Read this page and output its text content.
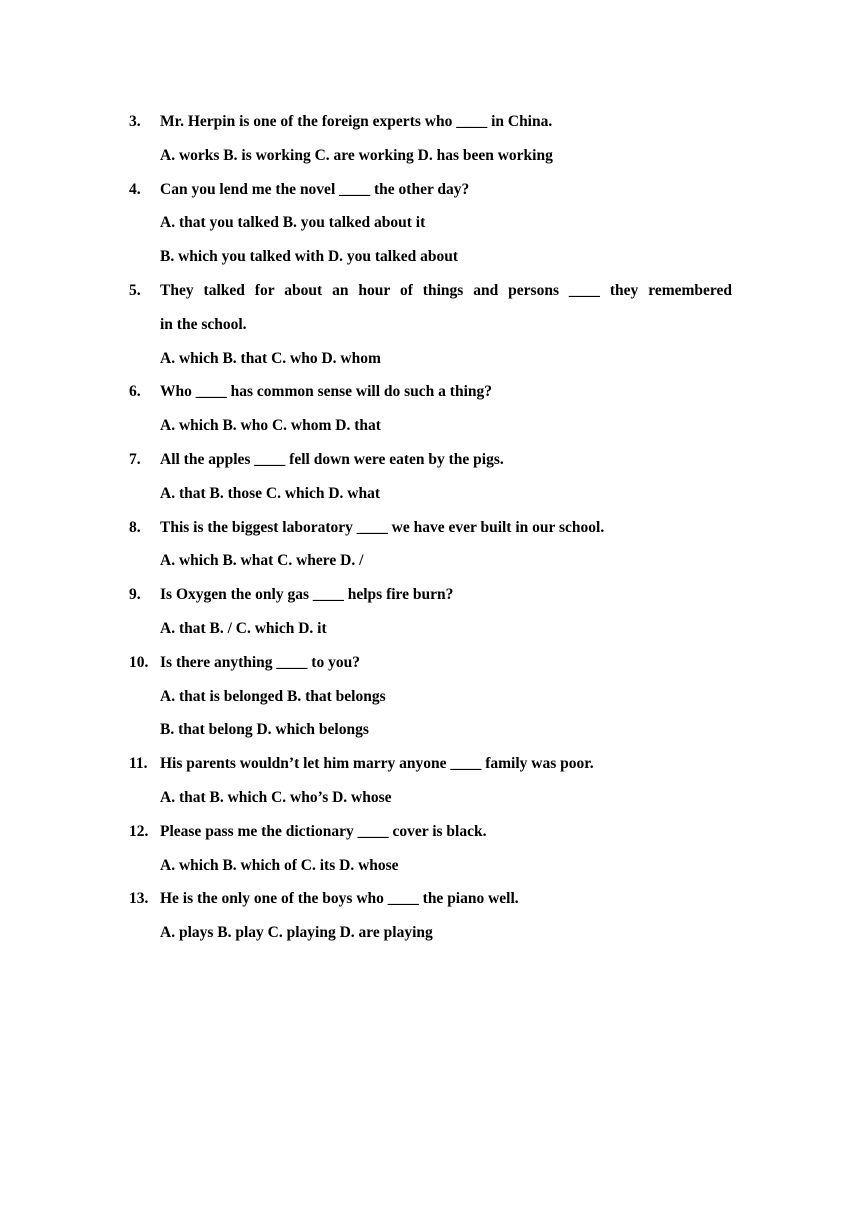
3. Mr. Herpin is one of the foreign experts who ____ in China.
A. works B. is working C. are working D. has been working
4. Can you lend me the novel ____ the other day?
A. that you talked B. you talked about it
B. which you talked with D. you talked about
5. They talked for about an hour of things and persons ____ they remembered
in the school.
A. which B. that C. who D. whom
6. Who ____ has common sense will do such a thing?
A. which B. who C. whom D. that
7. All the apples ____ fell down were eaten by the pigs.
A. that B. those C. which D. what
8. This is the biggest laboratory ____ we have ever built in our school.
A. which B. what C. where D. /
9. Is Oxygen the only gas ____ helps fire burn?
A. that B. / C. which D. it
10. Is there anything ____ to you?
A. that is belonged B. that belongs
B. that belong D. which belongs
11. His parents wouldn’t let him marry anyone ____ family was poor.
A. that B. which C. who’s D. whose
12. Please pass me the dictionary ____ cover is black.
A. which B. which of C. its D. whose
13. He is the only one of the boys who ____ the piano well.
A. plays B. play C. playing D. are playing
